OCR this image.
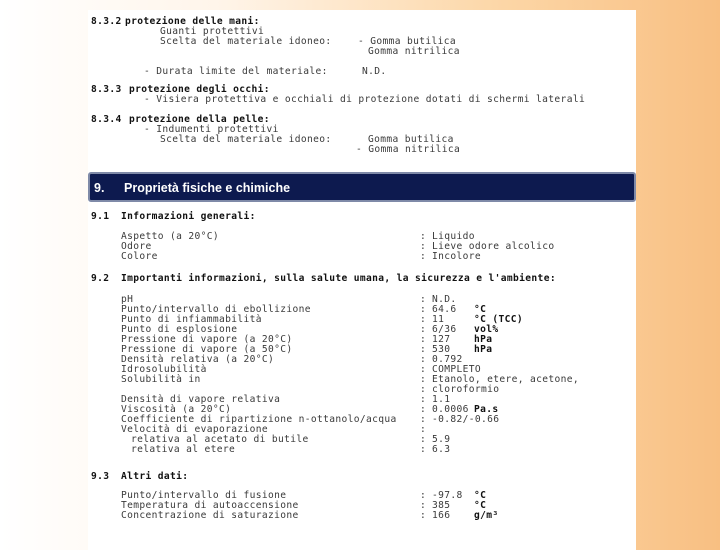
8.3.2 protezione delle mani:
Guanti protettivi
Scelta del materiale idoneo:	- Gomma butilica
Gomma nitrilica
- Durata limite del materiale:	N.D.
8.3.3 protezione degli occhi:
- Visiera protettiva e occhiali di protezione dotati di schermi laterali
8.3.4 protezione della pelle:
- Indumenti protettivi
Scelta del materiale idoneo:	Gomma butilica
- Gomma nitrilica
9. Proprietà fisiche e chimiche
9.1 Informazioni generali:
Aspetto (a 20°C)	: Liquido
Odore	: Lieve odore alcolico
Colore	: Incolore
9.2 Importanti informazioni, sulla salute umana, la sicurezza e l'ambiente:
pH	: N.D.
Punto/intervallo di ebollizione	: 64.6 °C
Punto di infiammabilità	: 11	°C (TCC)
Punto di esplosione	: 6/36 vol%
Pressione di vapore (a 20°C)	: 127 hPa
Pressione di vapore (a 50°C)	: 530 hPa
Densità relativa (a 20°C)	: 0.792
Idrosolubilità	: COMPLETO
Solubilità in	: Etanolo, etere, acetone,
: cloroformio
Densità di vapore relativa	: 1.1
Viscosità (a 20°C)	: 0.0006 Pa.s
Coefficiente di ripartizione n-ottanolo/acqua : -0.82/-0.66
Velocità di evaporazione	:
relativa al acetato di butile	: 5.9
relativa al etere	: 6.3
9.3 Altri dati:
Punto/intervallo di fusione	: -97.8 °C
Temperatura di autoaccensione	: 385 °C
Concentrazione di saturazione	: 166 g/m³
